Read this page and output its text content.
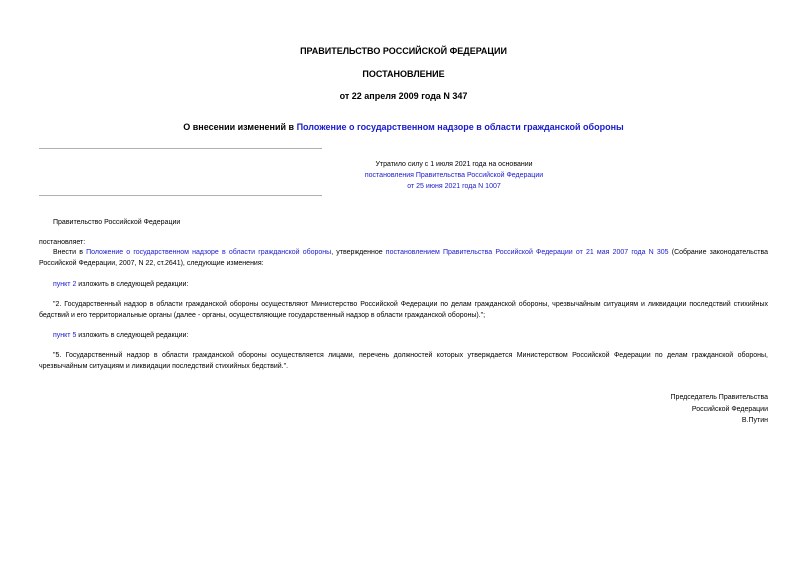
ПРАВИТЕЛЬСТВО РОССИЙСКОЙ ФЕДЕРАЦИИ
ПОСТАНОВЛЕНИЕ
от 22 апреля 2009 года N 347
О внесении изменений в Положение о государственном надзоре в области гражданской обороны
Утратило силу с 1 июля 2021 года на основании
постановления Правительства Российской Федерации
от 25 июня 2021 года N 1007
Правительство Российской Федерации
постановляет:
Внести в Положение о государственном надзоре в области гражданской обороны, утвержденное постановлением Правительства Российской Федерации от 21 мая 2007 года N 305 (Собрание законодательства Российской Федерации, 2007, N 22, ст.2641), следующие изменения:
пункт 2 изложить в следующей редакции:
"2. Государственный надзор в области гражданской обороны осуществляют Министерство Российской Федерации по делам гражданской обороны, чрезвычайным ситуациям и ликвидации последствий стихийных бедствий и его территориальные органы (далее - органы, осуществляющие государственный надзор в области гражданской обороны).";
пункт 5 изложить в следующей редакции:
"5. Государственный надзор в области гражданской обороны осуществляется лицами, перечень должностей которых утверждается Министерством Российской Федерации по делам гражданской обороны, чрезвычайным ситуациям и ликвидации последствий стихийных бедствий.".
Председатель Правительства
Российской Федерации
В.Путин
